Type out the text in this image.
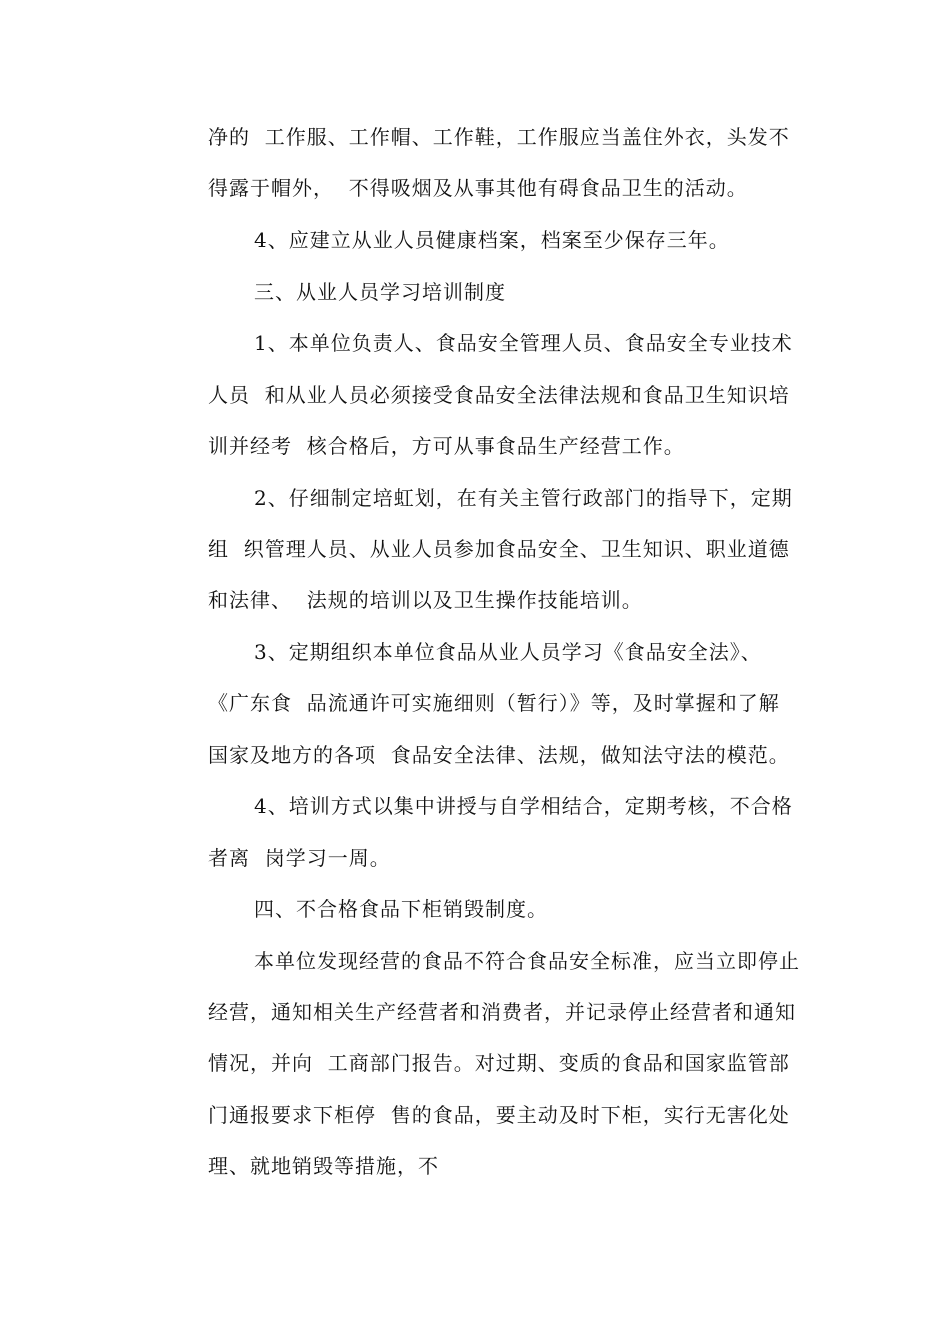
净的  工作服、工作帽、工作鞋，工作服应当盖住外衣，头发不
得露于帽外，  不得吸烟及从事其他有碍食品卫生的活动。
4、应建立从业人员健康档案，档案至少保存三年。
三、从业人员学习培训制度
1、本单位负责人、食品安全管理人员、食品安全专业技术
人员  和从业人员必须接受食品安全法律法规和食品卫生知识培
训并经考  核合格后，方可从事食品生产经营工作。
2、仔细制定培虹划，在有关主管行政部门的指导下，定期
组  织管理人员、从业人员参加食品安全、卫生知识、职业道德
和法律、  法规的培训以及卫生操作技能培训。
3、定期组织本单位食品从业人员学习《食品安全法》、
《广东食  品流通许可实施细则（暂行）》等，及时掌握和了解
国家及地方的各项  食品安全法律、法规，做知法守法的模范。
4、培训方式以集中讲授与自学相结合，定期考核，不合格
者离  岗学习一周。
四、不合格食品下柜销毁制度。
本单位发现经营的食品不符合食品安全标准，应当立即停止
经营，通知相关生产经营者和消费者，并记录停止经营者和通知
情况，并向  工商部门报告。对过期、变质的食品和国家监管部
门通报要求下柜停  售的食品，要主动及时下柜，实行无害化处
理、就地销毁等措施，不
